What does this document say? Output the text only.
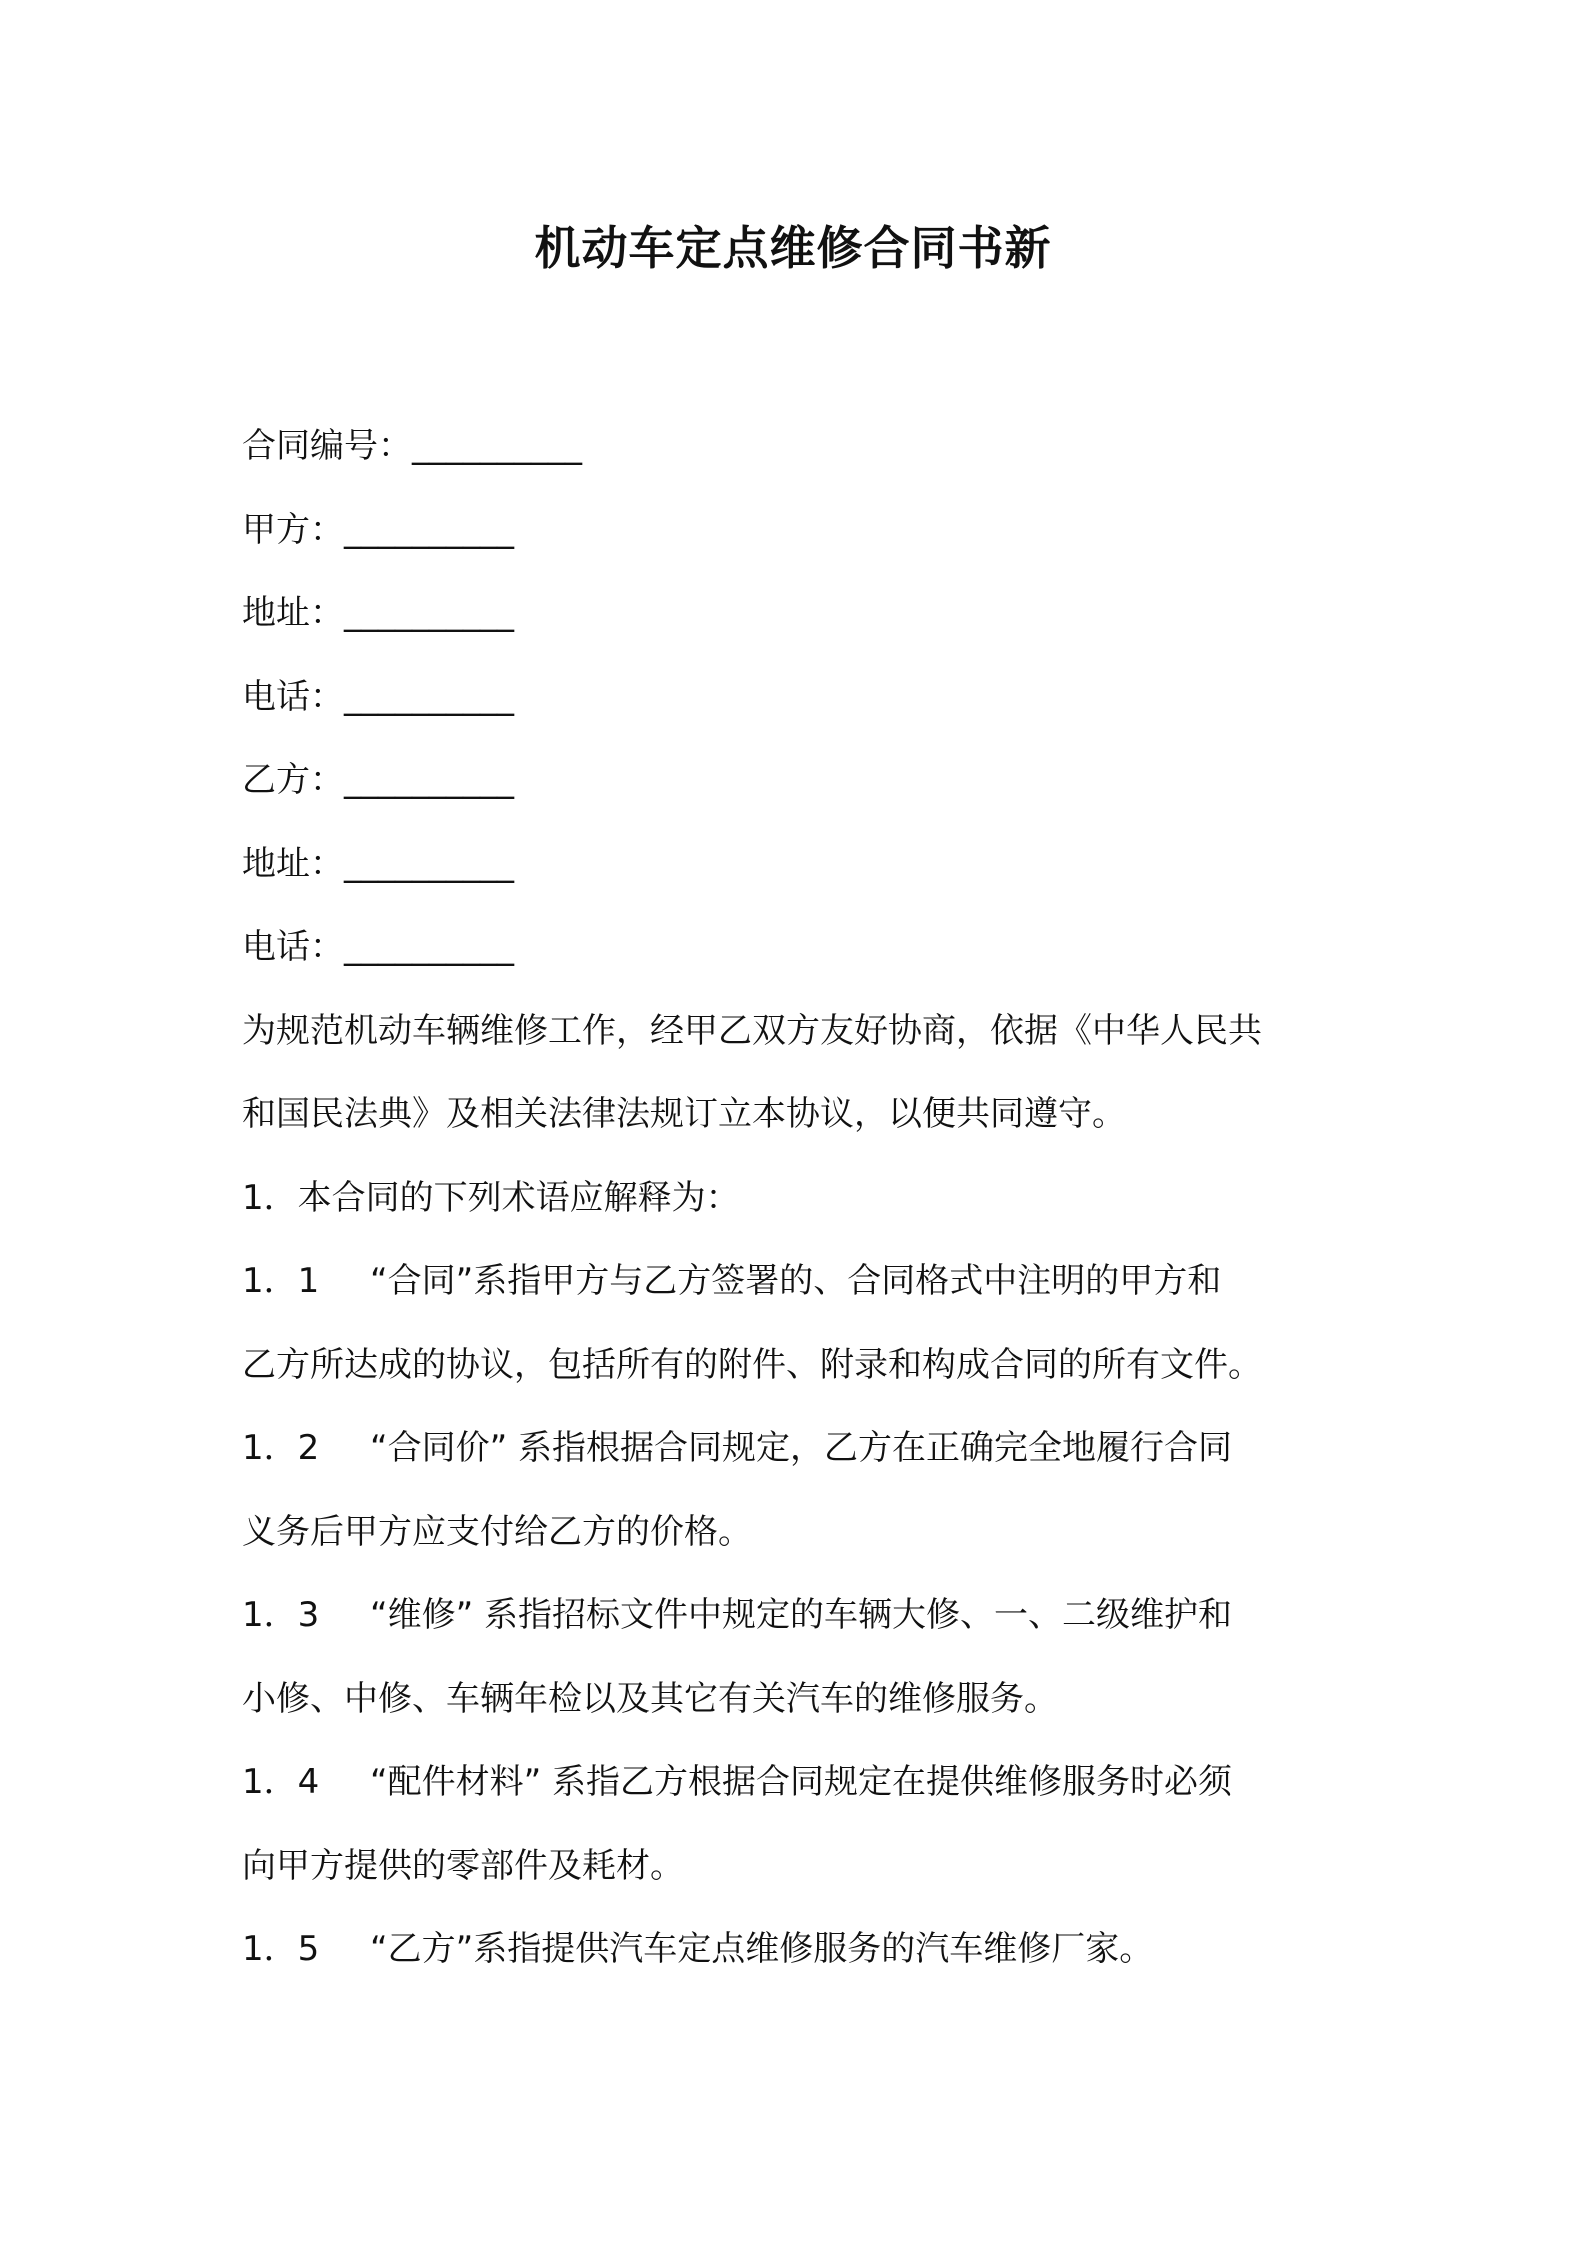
机动车定点维修合同书新
合同编号：__________
甲方：__________
地址：__________
电话：__________
乙方：__________
地址：__________
电话：__________
为规范机动车辆维修工作，经甲乙双方友好协商，依据《中华人民共
和国民法典》及相关法律法规订立本协议，以便共同遵守。
1．本合同的下列术语应解释为：
1．1 “合同”系指甲方与乙方签署的、合同格式中注明的甲方和
乙方所达成的协议，包括所有的附件、附录和构成合同的所有文件。
1．2 “合同价” 系指根据合同规定，乙方在正确完全地履行合同
义务后甲方应支付给乙方的价格。
1．3 “维修” 系指招标文件中规定的车辆大修、一、二级维护和
小修、中修、车辆年检以及其它有关汽车的维修服务。
1．4 “配件材料” 系指乙方根据合同规定在提供维修服务时必须
向甲方提供的零部件及耗材。
1．5 “乙方”系指提供汽车定点维修服务的汽车维修厂家。
